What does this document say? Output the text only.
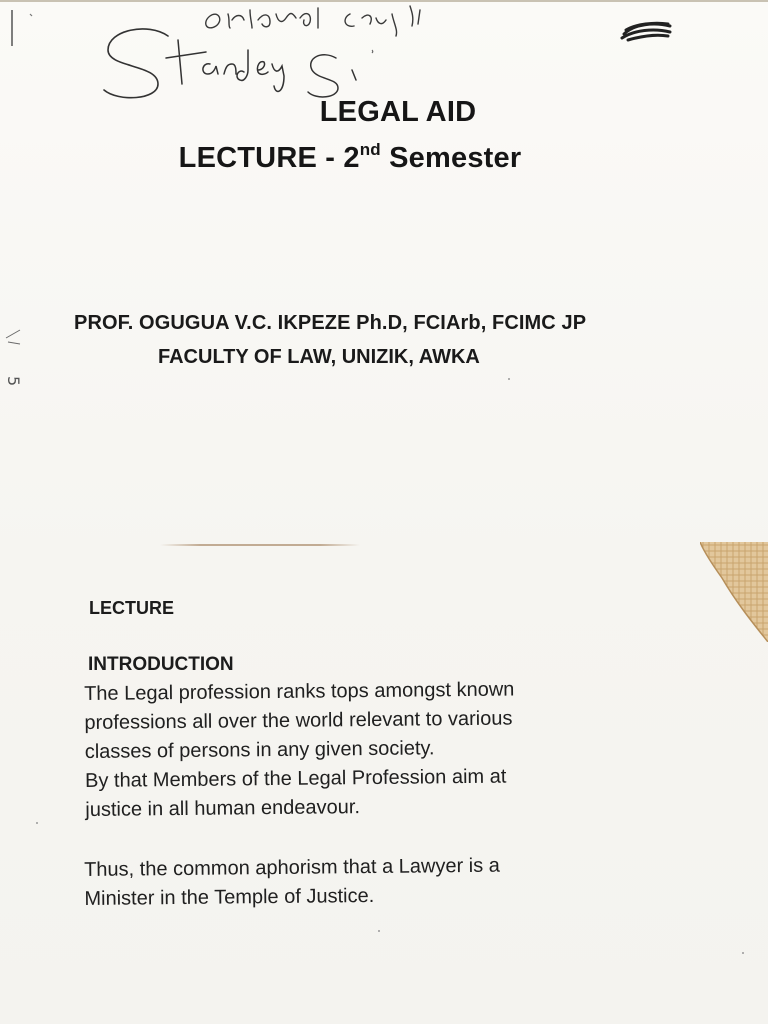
LEGAL AID
LECTURE - 2nd Semester
5
PROF. OGUGUA V.C. IKPEZE Ph.D, FCIArb, FCIMC JP
FACULTY OF LAW, UNIZIK, AWKA
LECTURE
INTRODUCTION
The Legal profession ranks tops amongst known
professions all over the world relevant to various
classes of persons in any given society.
By that Members of the Legal Profession aim at
justice in all human endeavour.
Thus, the common aphorism that a Lawyer is a
Minister in the Temple of Justice.
